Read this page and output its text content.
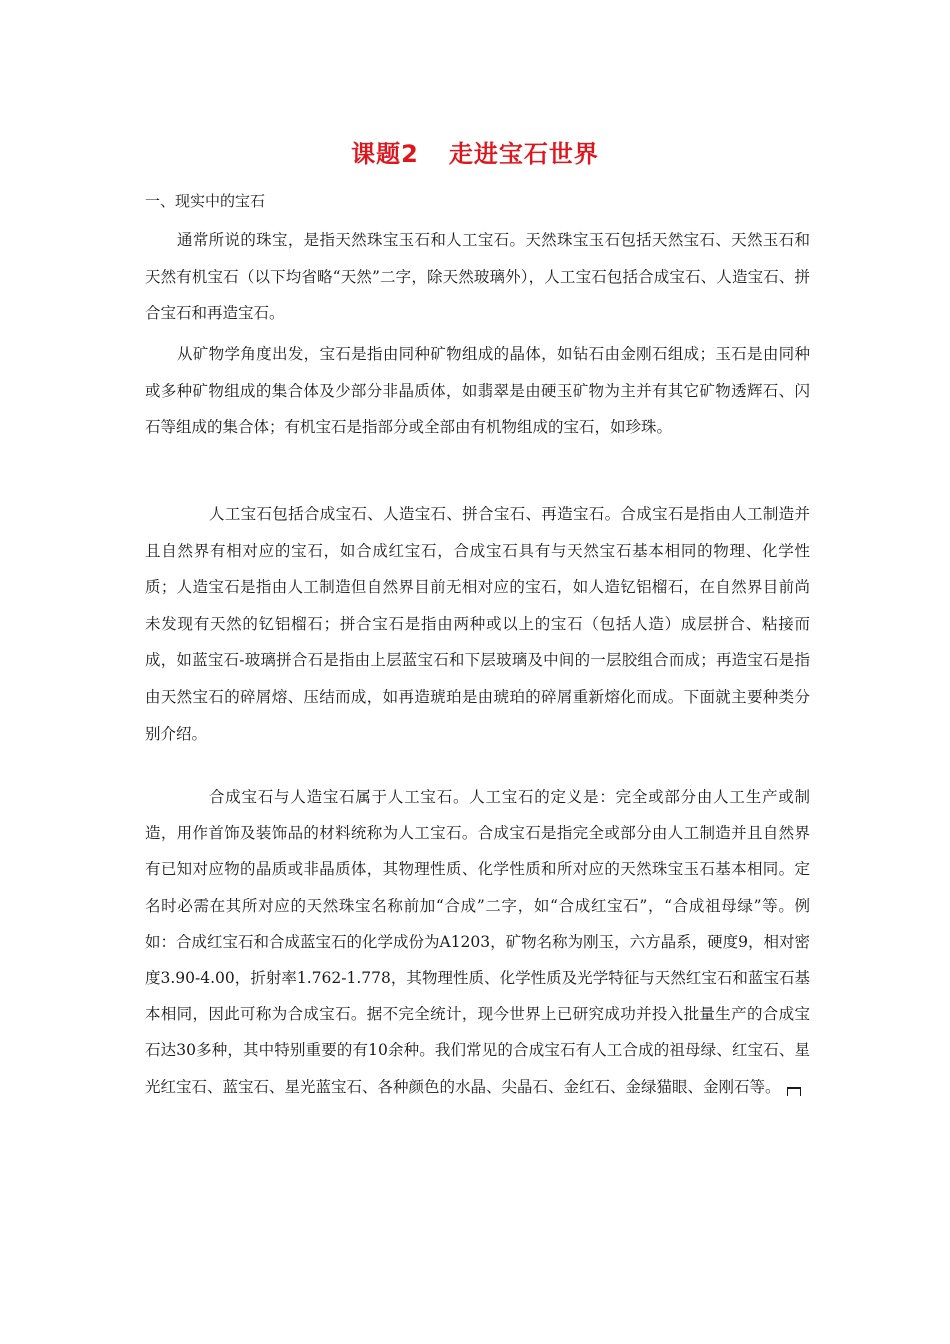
课题2 走进宝石世界
一、现实中的宝石

通常所说的珠宝，是指天然珠宝玉石和人工宝石。天然珠宝玉石包括天然宝石、天然玉石和天然有机宝石（以下均省略“天然”二字，除天然玻璃外），人工宝石包括合成宝石、人造宝石、拼合宝石和再造宝石。

从矿物学角度出发，宝石是指由同种矿物组成的晶体，如钻石由金刚石组成；玉石是由同种或多种矿物组成的集合体及少部分非晶质体，如翡翠是由硬玉矿物为主并有其它矿物透辉石、闪石等组成的集合体；有机宝石是指部分或全部由有机物组成的宝石，如珍珠。

人工宝石包括合成宝石、人造宝石、拼合宝石、再造宝石。合成宝石是指由人工制造并且自然界有相对应的宝石，如合成红宝石，合成宝石具有与天然宝石基本相同的物理、化学性质；人造宝石是指由人工制造但自然界目前无相对应的宝石，如人造钇铝榴石，在自然界目前尚未发现有天然的钇铝榴石；拼合宝石是指由两种或以上的宝石（包括人造）成层拼合、粘接而成，如蓝宝石-玻璃拼合石是指由上层蓝宝石和下层玻璃及中间的一层胶组合而成；再造宝石是指由天然宝石的碎屑熔、压结而成，如再造琥珀是由琥珀的碎屑重新熔化而成。下面就主要种类分别介绍。

合成宝石与人造宝石属于人工宝石。人工宝石的定义是：完全或部分由人工生产或制造，用作首饰及装饰品的材料统称为人工宝石。合成宝石是指完全或部分由人工制造并且自然界有已知对应物的晶质或非晶质体，其物理性质、化学性质和所对应的天然珠宝玉石基本相同。定名时必需在其所对应的天然珠宝名称前加“合成”二字，如“合成红宝石”，“合成祖母绿”等。例如：合成红宝石和合成蓝宝石的化学成份为A1203，矿物名称为刚玉，六方晶系，硬度9，相对密度3.90-4.00，折射率1.762-1.778，其物理性质、化学性质及光学特征与天然红宝石和蓝宝石基本相同，因此可称为合成宝石。据不完全统计，现今世界上已研究成功并投入批量生产的合成宝石达30多种，其中特别重要的有10余种。我们常见的合成宝石有人工合成的祖母绿、红宝石、星光红宝石、蓝宝石、星光蓝宝石、各种颜色的水晶、尖晶石、金红石、金绿猫眼、金刚石等。
